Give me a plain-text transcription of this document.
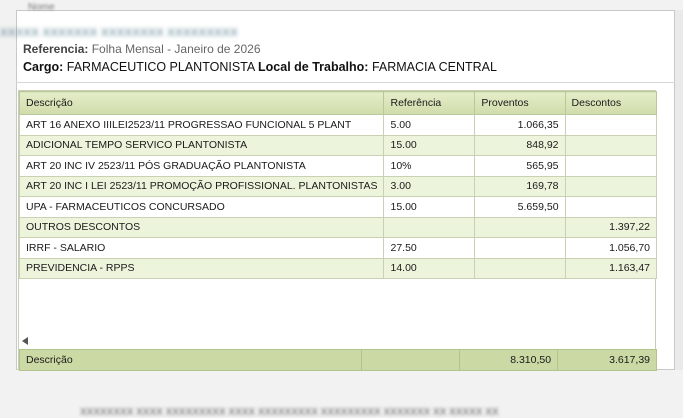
Nome
XXXXX XXXXXXX XXXXXXXX XXXXXXXXX
Referencia: Folha Mensal - Janeiro de 2026
Cargo: FARMACEUTICO PLANTONISTA Local de Trabalho: FARMACIA CENTRAL
Descrição	Referência	Proventos	Descontos
ART 16 ANEXO IIILEI2523/11 PROGRESSAO FUNCIONAL 5 PLANT	5.00	1.066,35	
ADICIONAL TEMPO SERVICO PLANTONISTA	15.00	848,92	
ART 20 INC IV 2523/11 PÓS GRADUAÇÃO PLANTONISTA	10%	565,95	
ART 20 INC I LEI 2523/11 PROMOÇÃO PROFISSIONAL. PLANTONISTAS	3.00	169,78	
UPA - FARMACEUTICOS CONCURSADO	15.00	5.659,50	
OUTROS DESCONTOS			1.397,22
IRRF - SALARIO	27.50		1.056,70
PREVIDENCIA - RPPS	14.00		1.163,47
Descrição		8.310,50	3.617,39
XXXXXXXX XXXX XXXXXXXXX XXXX XXXXXXXXX XXXXXXXXX XXXXXXX XX XXXXX XX
